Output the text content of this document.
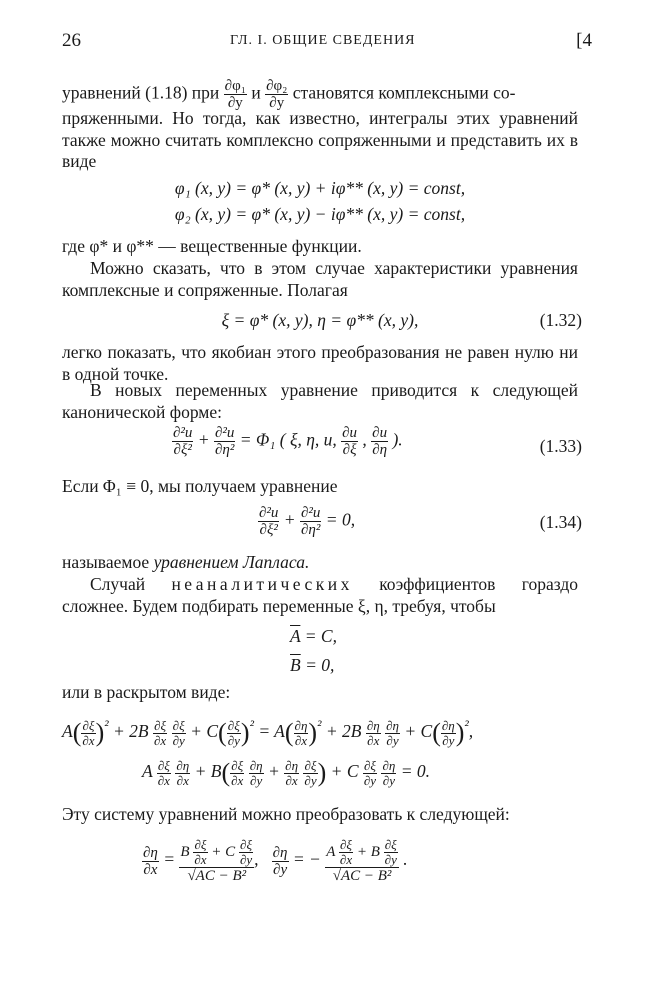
26	ГЛ. I. ОБЩИЕ СВЕДЕНИЯ	[4
уравнений (1.18) при $\frac{\text{∂φ₁}}{\partial y}$ и $\frac{\text{∂φ₂}}{\partial y}$ становятся комплексными со-
пряженными. Но тогда, как известно, интегралы этих уравнений также можно считать комплексно сопряженными и представить их в виде
φ₁ (x, y) = φ* (x, y) + iφ** (x, y) = const,
φ₂ (x, y) = φ* (x, y) − iφ** (x, y) = const,
где φ* и φ** — вещественные функции.
Можно сказать, что в этом случае характеристики уравнения комплексные и сопряженные. Полагая
ξ = φ* (x, y), η = φ** (x, y),	(1.32)
легко показать, что якобиан этого преобразования не равен нулю ни в одной точке.
В новых переменных уравнение приводится к следующей канонической форме:
$\frac{\text{∂²u}}{\text{∂ξ²}} + \frac{\text{∂²u}}{\text{∂η²}} = \Phi_1$ ( ξ, η, u, $\frac{\partial u}{\partial\xi}$ , $\frac{\partial u}{\partial\eta}$ ).	(1.33)
Если Φ₁ ≡ 0, мы получаем уравнение
$\frac{\text{∂²u}}{\text{∂ξ²}} + \frac{\text{∂²u}}{\text{∂η²}} = 0$,	(1.34)
называемое уравнением Лапласа.
Случай неаналитических коэффициентов гораздо сложнее. Будем подбирать переменные ξ, η, требуя, чтобы
$\overline{A} = C$,
$\overline{B} = 0$,
или в раскрытом виде:
$A( \frac{\partial\xi}{\partial x} )^{^2} + 2B \frac{\partial\xi}{\partial x}$
$\frac{\partial\xi}{\partial y} + C( \frac{\partial\xi}{\partial y} )^{^2} = A( \frac{\partial\eta}{\partial x} )^{^2} + 2B \frac{\partial\eta}{\partial x}$
$\frac{\partial\eta}{\partial y} + C( \frac{\partial\eta}{\partial y} )^{^2}$,
A $\frac{\partial\xi}{\partial x}$
$\frac{\partial\eta}{\partial x} + B( \frac{\partial\xi}{\partial x}$
$\frac{\partial\eta}{\partial y} + \frac{\partial\eta}{\partial x}$
$\frac{\partial\xi}{\partial y}$ ) + C $\frac{\partial\xi}{\partial y}$
$\frac{\partial\eta}{\partial y} = 0$.
Эту систему уравнений можно преобразовать к следующей:
$\frac{\partial\eta}{\partial x} = \frac{B \frac{\partial\xi}{\partial x} + C \frac{\partial\xi}{\partial y}}{\text{√AC − B²}}$ , $\frac{\partial\eta}{\partial y}$ = − $\frac{A \frac{\partial\xi}{\partial x} + B \frac{\partial\xi}{\partial y}}{\text{√AC − B²}}$ .
